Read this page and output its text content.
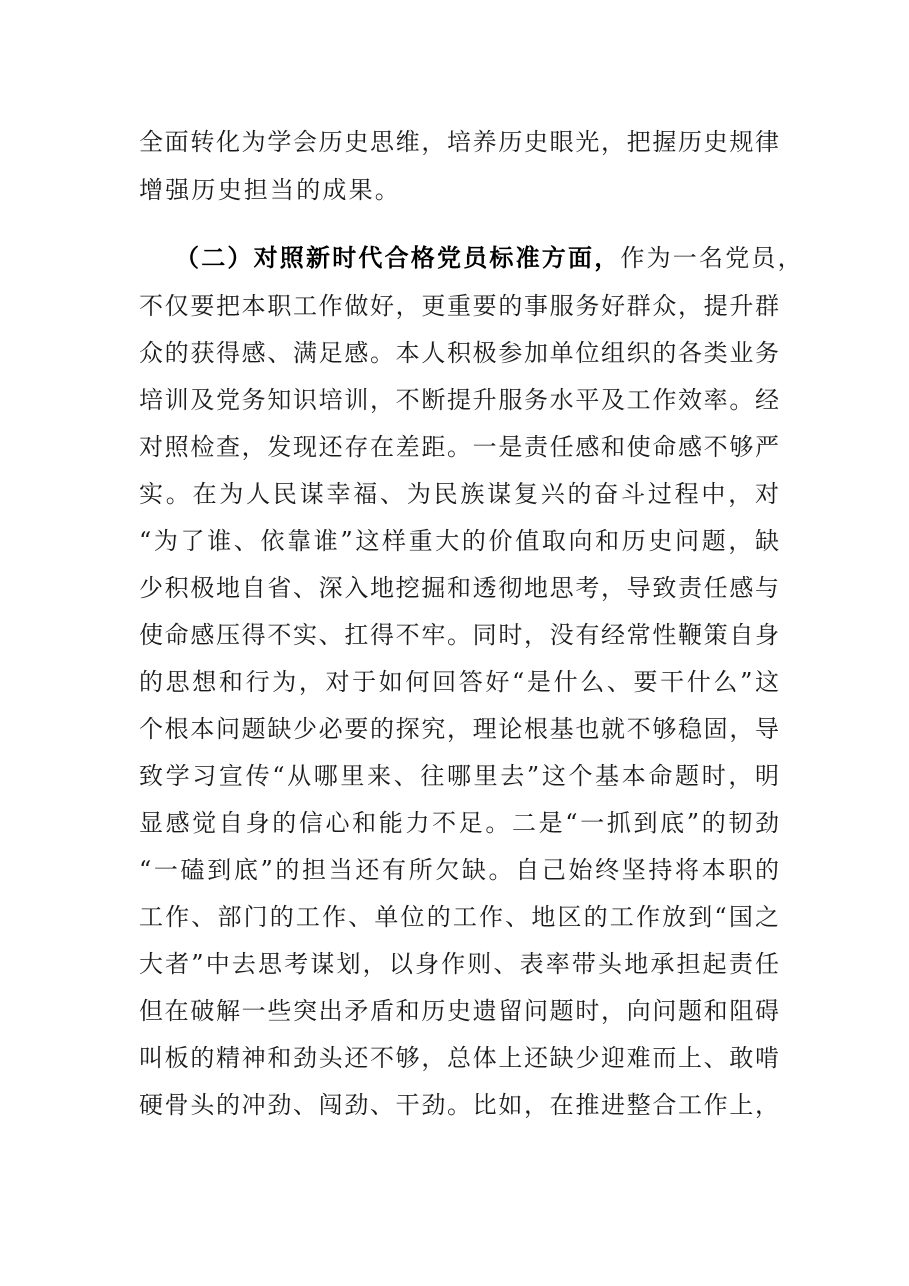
全面转化为学会历史思维，培养历史眼光，把握历史规律
增强历史担当的成果。
（二）对照新时代合格党员标准方面，作为一名党员，
不仅要把本职工作做好，更重要的事服务好群众，提升群
众的获得感、满足感。本人积极参加单位组织的各类业务
培训及党务知识培训，不断提升服务水平及工作效率。经
对照检查，发现还存在差距。一是责任感和使命感不够严
实。在为人民谋幸福、为民族谋复兴的奋斗过程中，对
“为了谁、依靠谁”这样重大的价值取向和历史问题，缺
少积极地自省、深入地挖掘和透彻地思考，导致责任感与
使命感压得不实、扛得不牢。同时，没有经常性鞭策自身
的思想和行为，对于如何回答好“是什么、要干什么”这
个根本问题缺少必要的探究，理论根基也就不够稳固，导
致学习宣传“从哪里来、往哪里去”这个基本命题时，明
显感觉自身的信心和能力不足。二是“一抓到底”的韧劲
“一磕到底”的担当还有所欠缺。自己始终坚持将本职的
工作、部门的工作、单位的工作、地区的工作放到“国之
大者”中去思考谋划，以身作则、表率带头地承担起责任
但在破解一些突出矛盾和历史遗留问题时，向问题和阻碍
叫板的精神和劲头还不够，总体上还缺少迎难而上、敢啃
硬骨头的冲劲、闯劲、干劲。比如，在推进整合工作上，
